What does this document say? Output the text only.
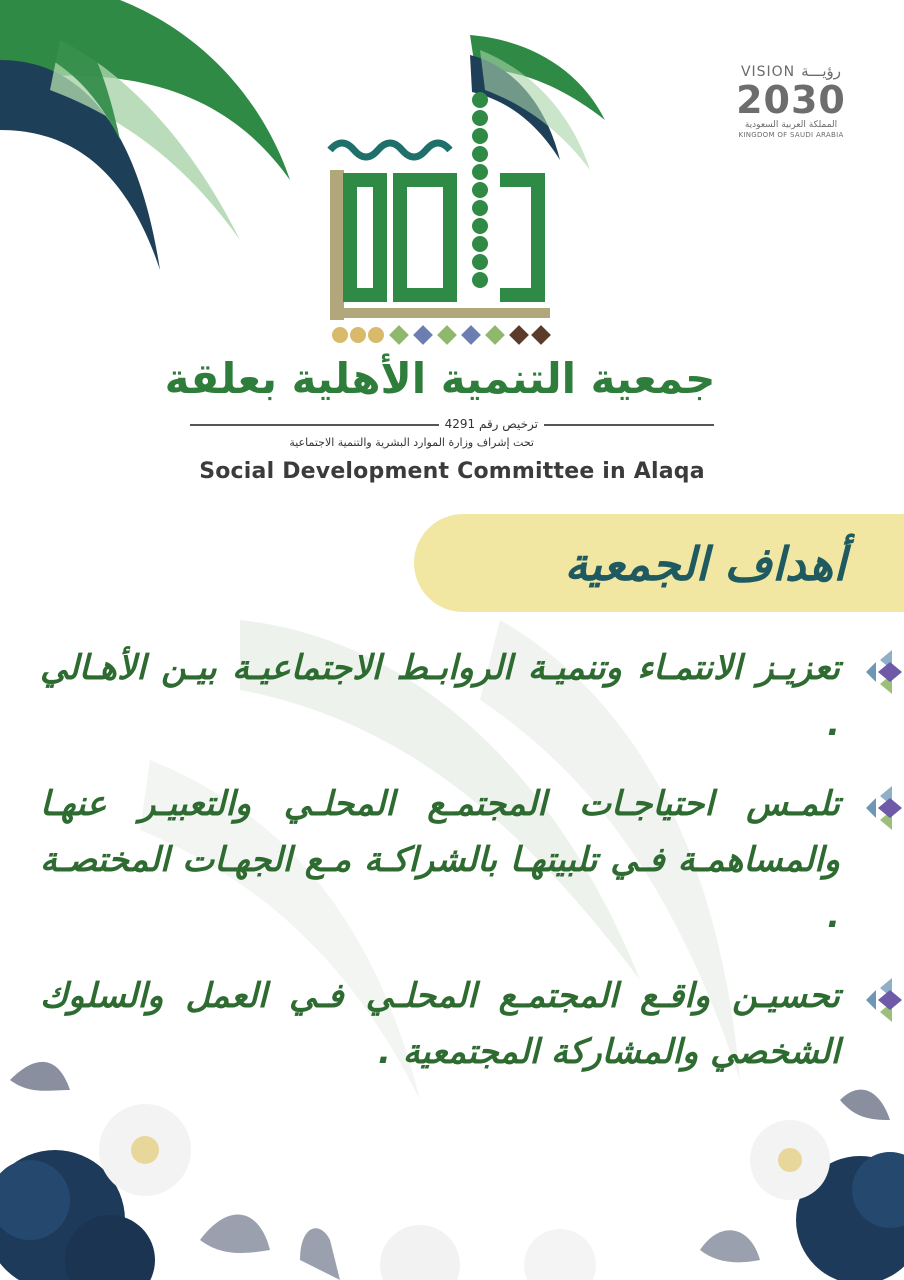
VISION رؤيـــة
2030
المملكة العربية السعودية
KINGDOM OF SAUDI ARABIA
جمعية التنمية الأهلية بعلقة
ترخيص رقم 4291
تحت إشراف وزارة الموارد البشرية والتنمية الاجتماعية
Social Development Committee in Alaqa
أهداف الجمعية
تعزيـز الانتمـاء وتنميـة الروابـط الاجتماعيـة بيـن الأهـالي .
تلمـس احتياجـات المجتمـع المحلـي والتعبيـر عنهـا والمساهمـة فـي تلبيتهـا بالشراكـة مـع الجهـات المختصـة .
تحسيـن واقـع المجتمـع المحلـي فـي العمل والسلوك الشخصي والمشاركة المجتمعية .
